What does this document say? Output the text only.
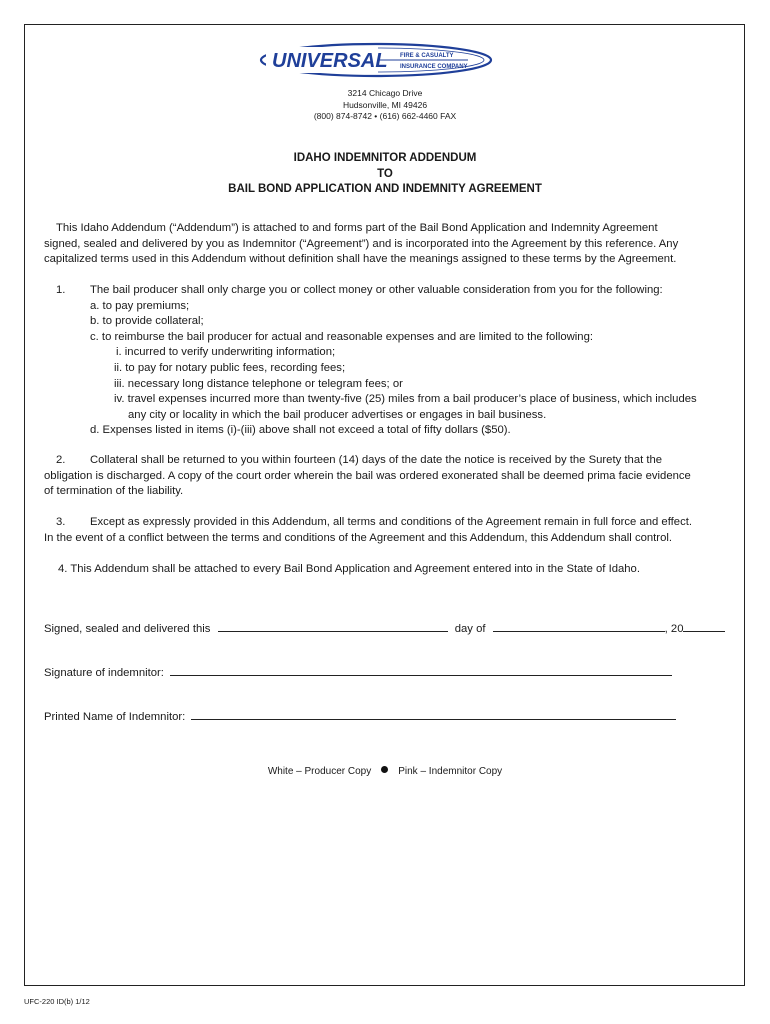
UNIVERSAL FIRE & CASUALTY
INSURANCE COMPANY
3214 Chicago Drive
Hudsonville, MI 49426
(800) 874-8742 • (616) 662-4460 FAX
IDAHO INDEMNITOR ADDENDUM
TO
BAIL BOND APPLICATION AND INDEMNITY AGREEMENT
This Idaho Addendum (“Addendum”) is attached to and forms part of the Bail Bond Application and Indemnity Agreement
signed, sealed and delivered by you as Indemnitor (“Agreement”) and is incorporated into the Agreement by this reference. Any
capitalized terms used in this Addendum without definition shall have the meanings assigned to these terms by the Agreement.
1. The bail producer shall only charge you or collect money or other valuable consideration from you for the following:
a. to pay premiums;
b. to provide collateral;
c. to reimburse the bail producer for actual and reasonable expenses and are limited to the following:
i. incurred to verify underwriting information;
ii. to pay for notary public fees, recording fees;
iii. necessary long distance telephone or telegram fees; or
iv. travel expenses incurred more than twenty-five (25) miles from a bail producer’s place of business, which includes
any city or locality in which the bail producer advertises or engages in bail business.
d. Expenses listed in items (i)-(iii) above shall not exceed a total of fifty dollars ($50).
2.	Collateral shall be returned to you within fourteen (14) days of the date the notice is received by the Surety that the
obligation is discharged. A copy of the court order wherein the bail was ordered exonerated shall be deemed prima facie evidence
of termination of the liability.
3.	Except as expressly provided in this Addendum, all terms and conditions of the Agreement remain in full force and effect.
In the event of a conflict between the terms and conditions of the Agreement and this Addendum, this Addendum shall control.
4. This Addendum shall be attached to every Bail Bond Application and Agreement entered into in the State of Idaho.
Signed, sealed and delivered this	day of	, 20
Signature of indemnitor:
Printed Name of Indemnitor:
White – Producer Copy	Pink – Indemnitor Copy
UFC-220 ID(b) 1/12
